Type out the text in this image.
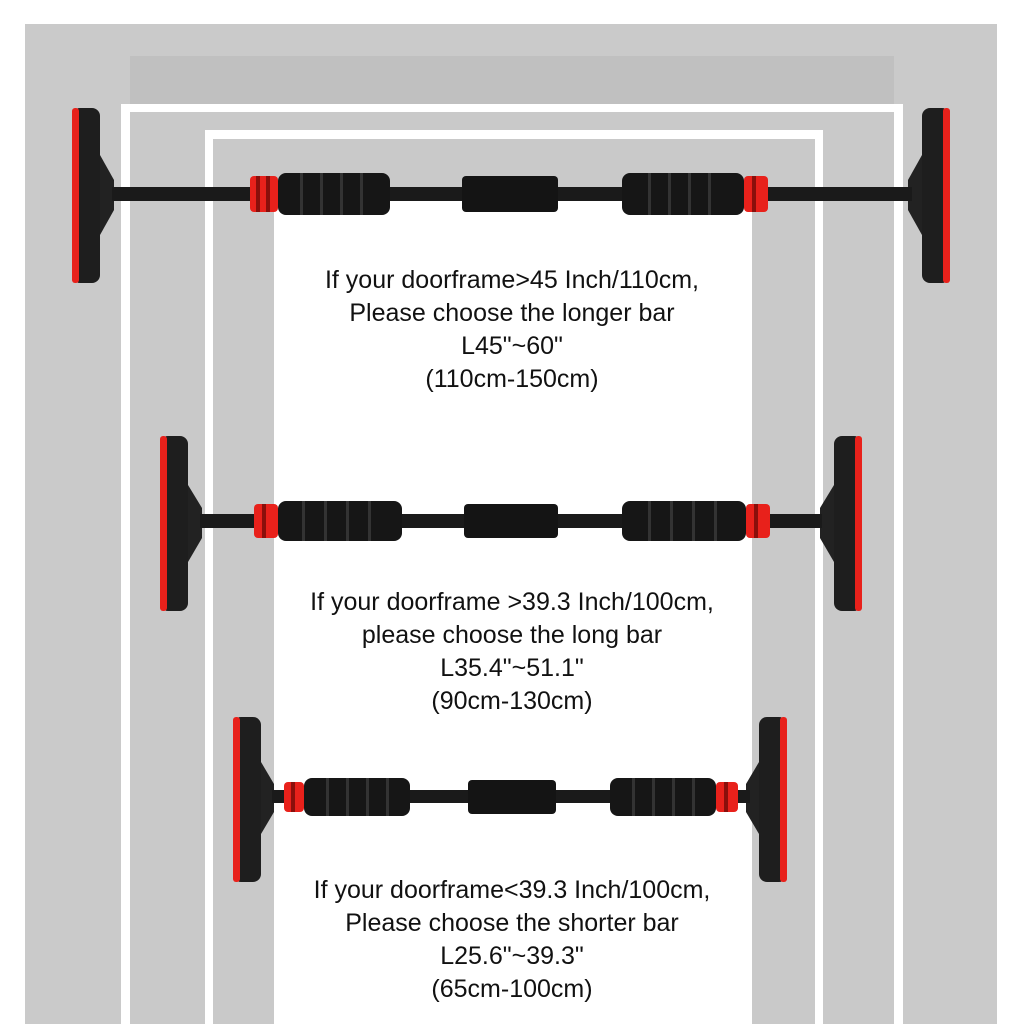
If your doorframe>45 Inch/110cm,
Please choose the longer bar
L45"~60"
(110cm-150cm)
If your doorframe >39.3 Inch/100cm,
please choose the long bar
L35.4"~51.1"
(90cm-130cm)
If your doorframe<39.3 Inch/100cm,
Please choose the shorter bar
L25.6"~39.3"
(65cm-100cm)
